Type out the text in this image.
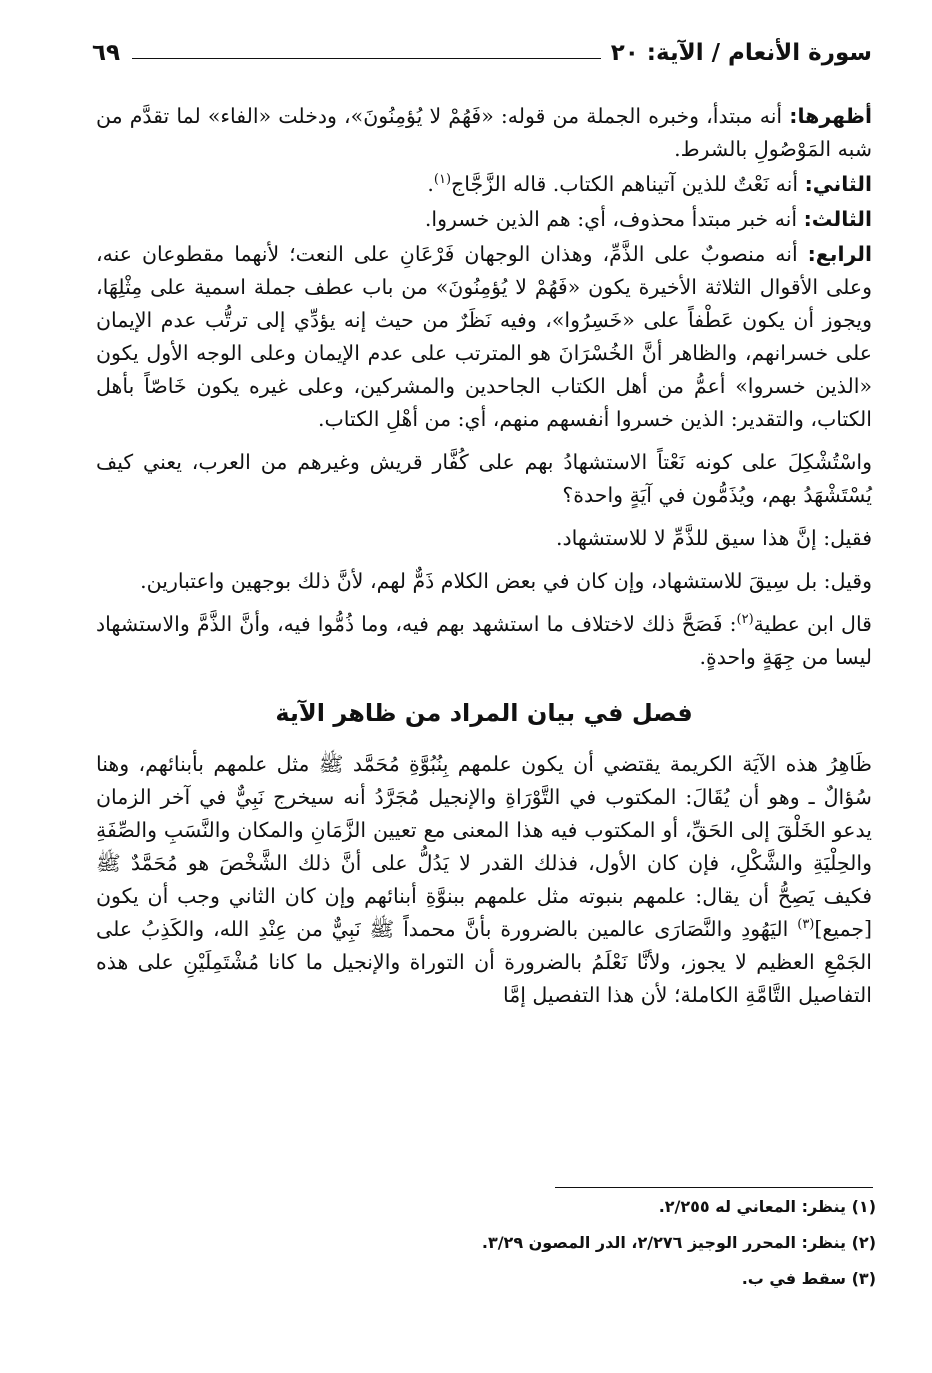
سورة الأنعام / الآية: ٢٠
٦٩

أظهرها: أنه مبتدأ، وخبره الجملة من قوله: «فَهُمْ لا يُؤمِنُونَ»، ودخلت «الفاء» لما تقدَّم من شبه المَوْصُولِ بالشرط.

الثاني: أنه نَعْتٌ للذين آتيناهم الكتاب. قاله الزَّجَّاج$^{(١)}$.

الثالث: أنه خبر مبتدأ محذوف، أي: هم الذين خسروا.

الرابع: أنه منصوبٌ على الذَّمِّ، وهذان الوجهان فَرْعَانِ على النعت؛ لأنهما مقطوعان عنه، وعلى الأقوال الثلاثة الأخيرة يكون «فَهُمْ لا يُؤمِنُونَ» من باب عطف جملة اسمية على مِثْلِهَا، ويجوز أن يكون عَطْفاً على «خَسِرُوا»، وفيه نَظَرٌ من حيث إنه يؤدِّي إلى ترتُّب عدم الإيمان على خسرانهم، والظاهر أنَّ الخُسْرَانَ هو المترتب على عدم الإيمان وعلى الوجه الأول يكون «الذين خسروا» أعمُّ من أهل الكتاب الجاحدين والمشركين، وعلى غيره يكون خَاصّاً بأهل الكتاب، والتقدير: الذين خسروا أنفسهم منهم، أي: من أهْلِ الكتاب.

واسْتُشْكِلَ على كونه نَعْتاً الاستشهادُ بهم على كُفَّار قريش وغيرهم من العرب، يعني كيف يُسْتَشْهَدُ بهم، ويُذَمُّون في آيَةٍ واحدة؟

فقيل: إنَّ هذا سيق للذَّمِّ لا للاستشهاد.

وقيل: بل سِيقَ للاستشهاد، وإن كان في بعض الكلام ذَمٌّ لهم، لأنَّ ذلك بوجهين واعتبارين.

قال ابن عطية$^{(٢)}$: فَصَحَّ ذلك لاختلاف ما استشهد بهم فيه، وما ذُمُّوا فيه، وأنَّ الذَّمَّ والاستشهاد ليسا من جِهَةٍ واحدةٍ.

فصل في بيان المراد من ظاهر الآية

ظَاهِرُ هذه الآيَة الكريمة يقتضي أن يكون علمهم بِنُبُوَّةِ مُحَمَّد ﷺ مثل علمهم بأبنائهم، وهنا سُؤالٌ ـ وهو أن يُقَالَ: المكتوب في التَّوْرَاةِ والإنجيل مُجَرَّدُ أنه سيخرج نَبِيٌّ في آخر الزمان يدعو الخَلْقَ إلى الحَقِّ، أو المكتوب فيه هذا المعنى مع تعيين الزَّمَانِ والمكان والنَّسَبِ والصِّفَةِ والحِلْيَةِ والشَّكْلِ، فإن كان الأول، فذلك القدر لا يَدُلُّ على أنَّ ذلك الشَّخْصَ هو مُحَمَّدٌ ﷺ فكيف يَصِحُّ أن يقال: علمهم بنبوته مثل علمهم ببنوَّةِ أبنائهم وإن كان الثاني وجب أن يكون [جميع]$^{(٣)}$ اليَهُودِ والنَّصَارَى عالمين بالضرورة بأنَّ محمداً ﷺ نَبِيٌّ من عِنْدِ الله، والكَذِبُ على الجَمْعِ العظيم لا يجوز، ولأنَّا نَعْلَمُ بالضرورة أن التوراة والإنجيل ما كانا مُشْتَمِلَيْنِ على هذه التفاصيل التَّامَّةِ الكاملة؛ لأن هذا التفصيل إمَّا

(١) ينظر: المعاني له ٢/٢٥٥.
(٢) ينظر: المحرر الوجيز ٢/٢٧٦، الدر المصون ٣/٢٩.
(٣) سقط في ب.
